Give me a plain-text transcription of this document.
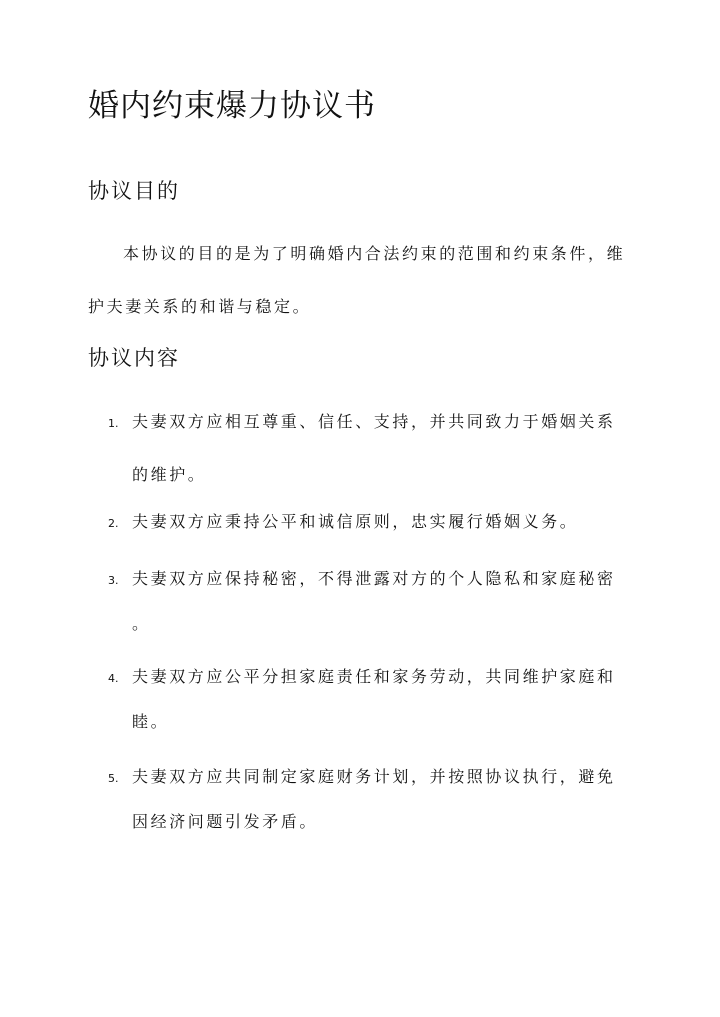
婚内约束爆力协议书
协议目的
本协议的目的是为了明确婚内合法约束的范围和约束条件，维
护夫妻关系的和谐与稳定。
协议内容
1. 夫妻双方应相互尊重、信任、支持，并共同致力于婚姻关系
的维护。
2. 夫妻双方应秉持公平和诚信原则，忠实履行婚姻义务。
3. 夫妻双方应保持秘密，不得泄露对方的个人隐私和家庭秘密
。
4. 夫妻双方应公平分担家庭责任和家务劳动，共同维护家庭和
睦。
5. 夫妻双方应共同制定家庭财务计划，并按照协议执行，避免
因经济问题引发矛盾。
